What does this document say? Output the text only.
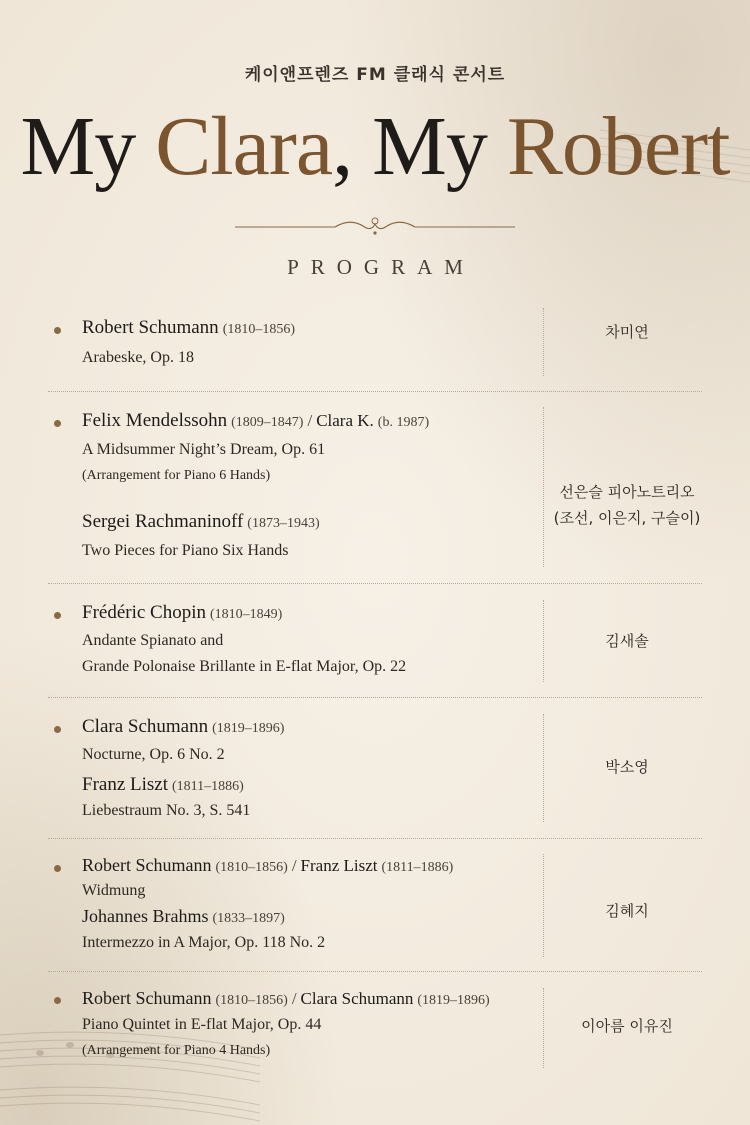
케이앤프렌즈 FM 클래식 콘서트
My Clara, My Robert
PROGRAM
Robert Schumann (1810–1856)
Arabeske, Op. 18
차미연
Felix Mendelssohn (1809–1847) / Clara K. (b. 1987)
A Midsummer Night’s Dream, Op. 61
(Arrangement for Piano 6 Hands)
Sergei Rachmaninoff (1873–1943)
Two Pieces for Piano Six Hands
선은슬 피아노트리오
(조선, 이은지, 구슬이)
Frédéric Chopin (1810–1849)
Andante Spianato and
Grande Polonaise Brillante in E-flat Major, Op. 22
김새솔
Clara Schumann (1819–1896)
Nocturne, Op. 6 No. 2
Franz Liszt (1811–1886)
Liebestraum No. 3, S. 541
박소영
Robert Schumann (1810–1856) / Franz Liszt (1811–1886)
Widmung
Johannes Brahms (1833–1897)
Intermezzo in A Major, Op. 118 No. 2
김혜지
Robert Schumann (1810–1856) / Clara Schumann (1819–1896)
Piano Quintet in E-flat Major, Op. 44
(Arrangement for Piano 4 Hands)
이아름 이유진
